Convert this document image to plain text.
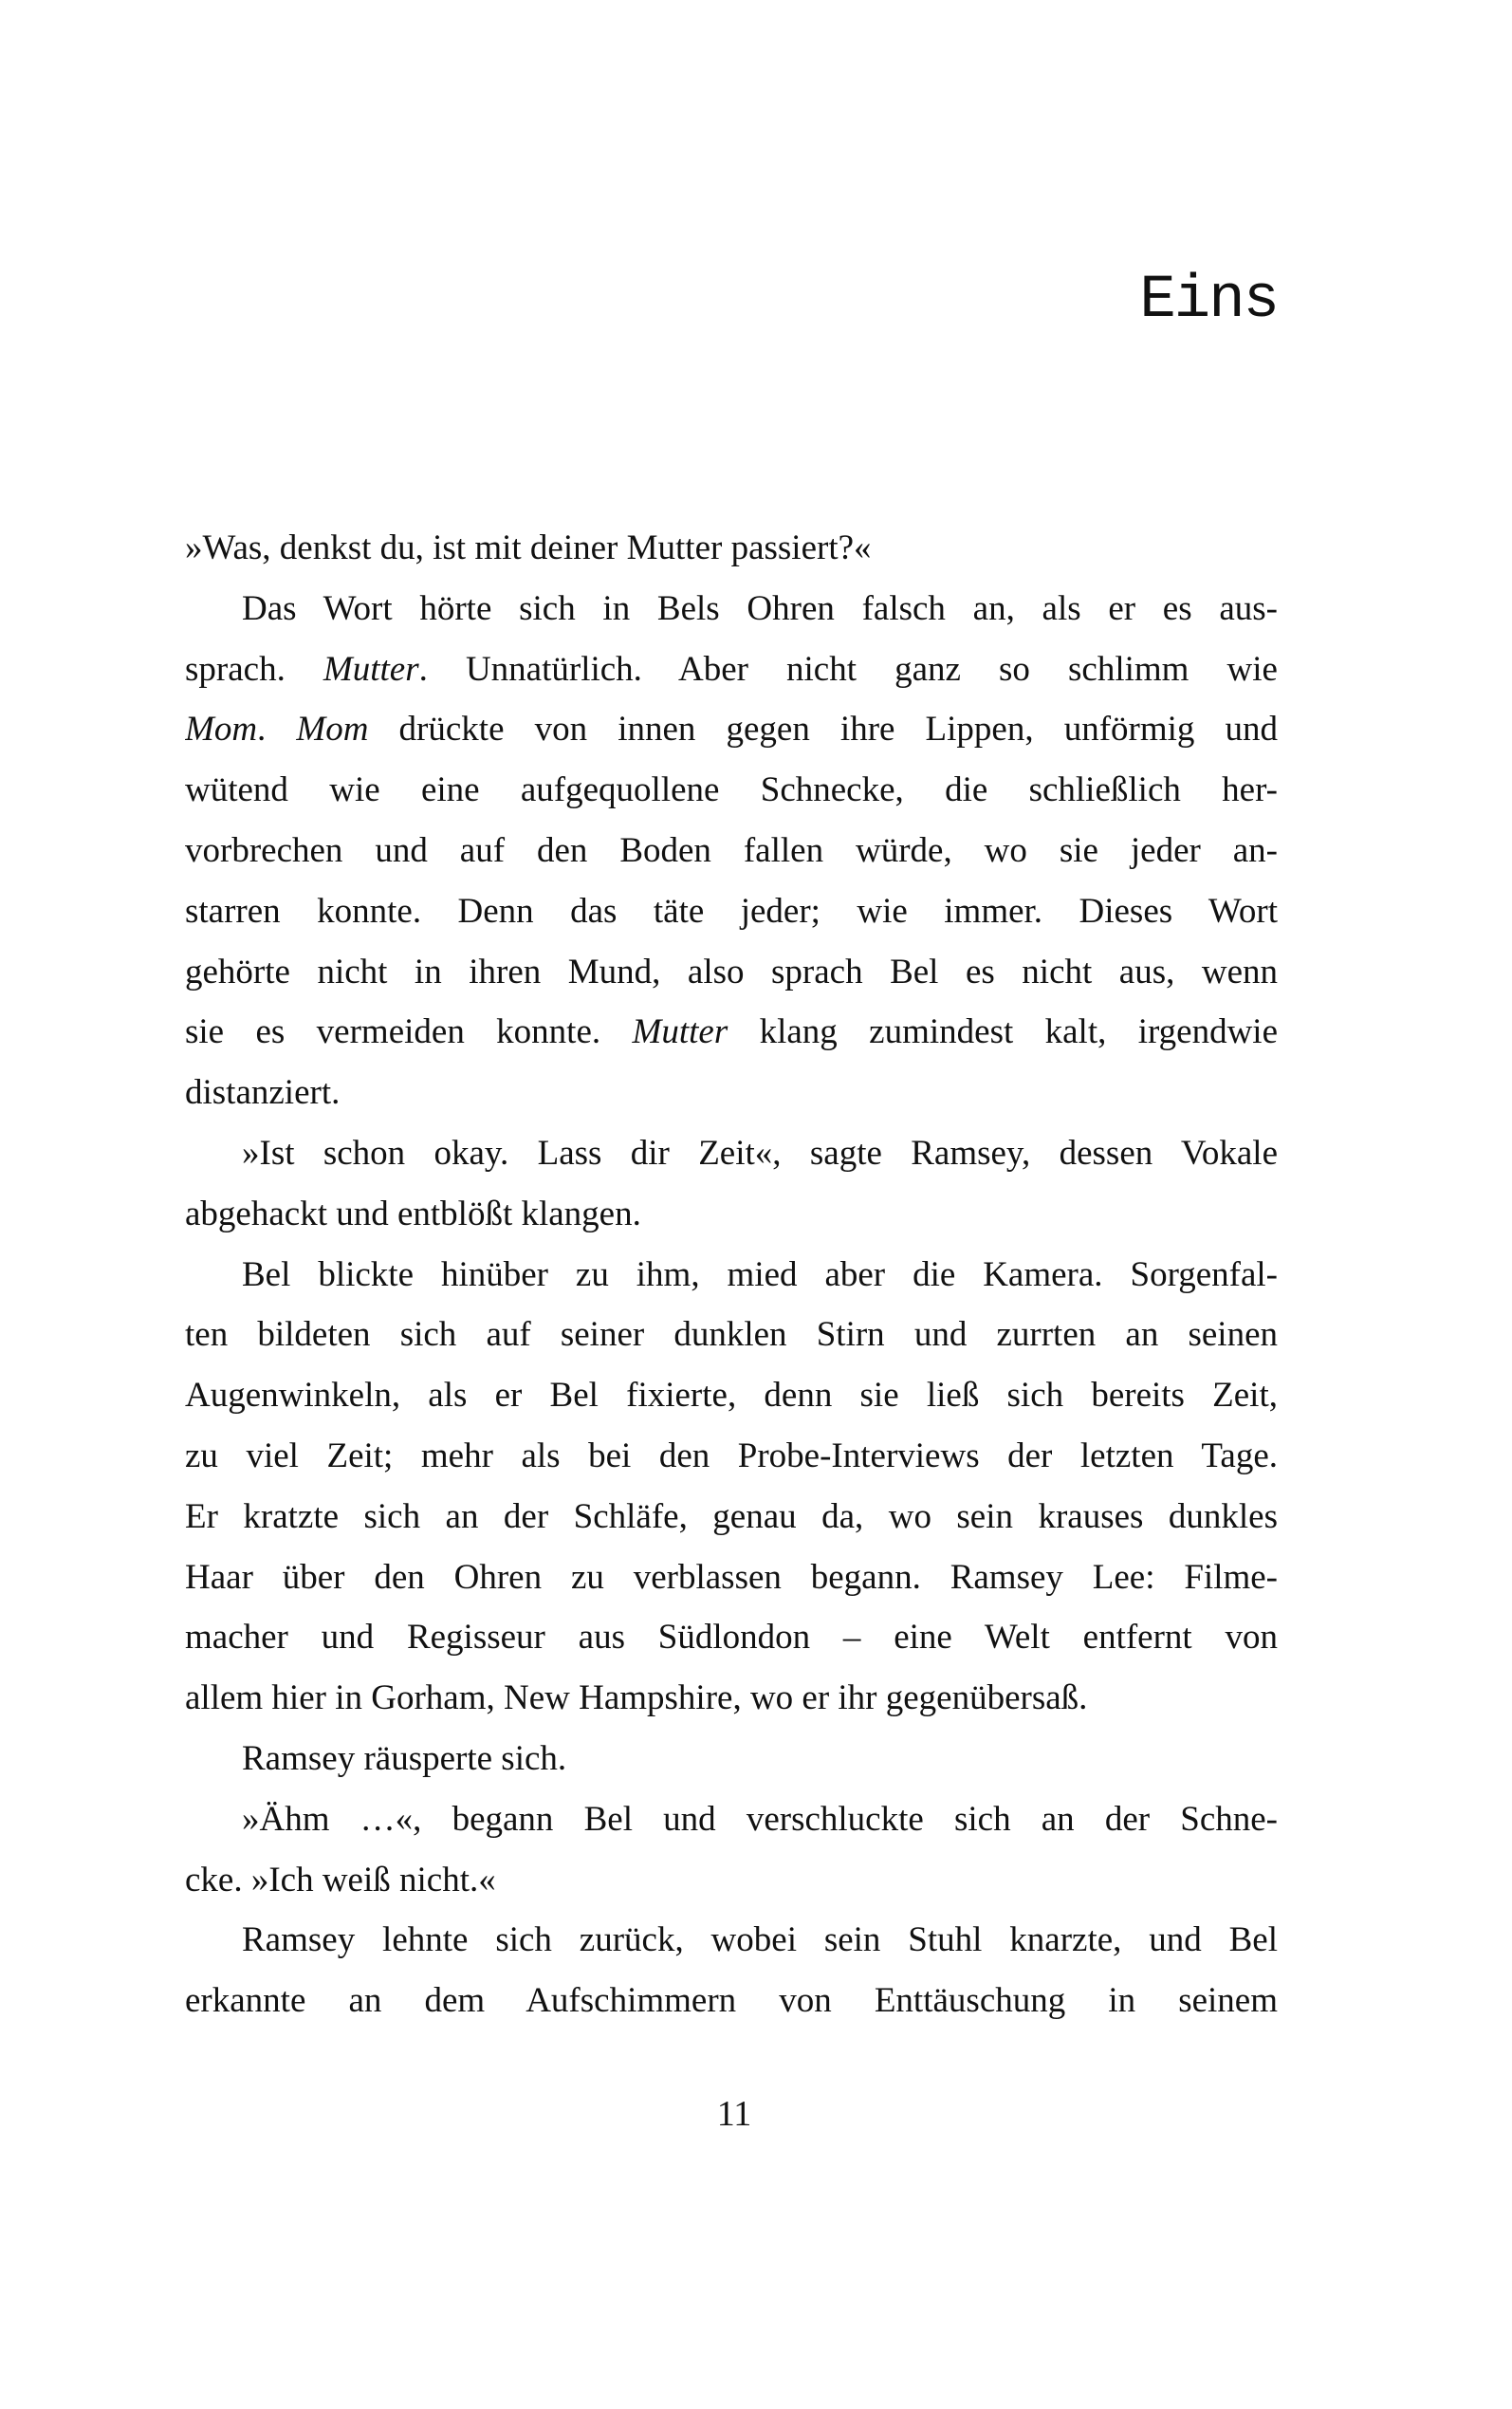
Eins
»Was, denkst du, ist mit deiner Mutter passiert?«
Das Wort hörte sich in Bels Ohren falsch an, als er es aus-
sprach. Mutter. Unnatürlich. Aber nicht ganz so schlimm wie
Mom. Mom drückte von innen gegen ihre Lippen, unförmig und
wütend wie eine aufgequollene Schnecke, die schließlich her-
vorbrechen und auf den Boden fallen würde, wo sie jeder an-
starren konnte. Denn das täte jeder; wie immer. Dieses Wort
gehörte nicht in ihren Mund, also sprach Bel es nicht aus, wenn
sie es vermeiden konnte. Mutter klang zumindest kalt, irgendwie
distanziert.
»Ist schon okay. Lass dir Zeit«, sagte Ramsey, dessen Vokale
abgehackt und entblößt klangen.
Bel blickte hinüber zu ihm, mied aber die Kamera. Sorgenfal-
ten bildeten sich auf seiner dunklen Stirn und zurrten an seinen
Augenwinkeln, als er Bel fixierte, denn sie ließ sich bereits Zeit,
zu viel Zeit; mehr als bei den Probe-Interviews der letzten Tage.
Er kratzte sich an der Schläfe, genau da, wo sein krauses dunkles
Haar über den Ohren zu verblassen begann. Ramsey Lee: Filme-
macher und Regisseur aus Südlondon – eine Welt entfernt von
allem hier in Gorham, New Hampshire, wo er ihr gegenübersaß.
Ramsey räusperte sich.
»Ähm …«, begann Bel und verschluckte sich an der Schne-
cke. »Ich weiß nicht.«
Ramsey lehnte sich zurück, wobei sein Stuhl knarzte, und Bel
erkannte an dem Aufschimmern von Enttäuschung in seinem
11
